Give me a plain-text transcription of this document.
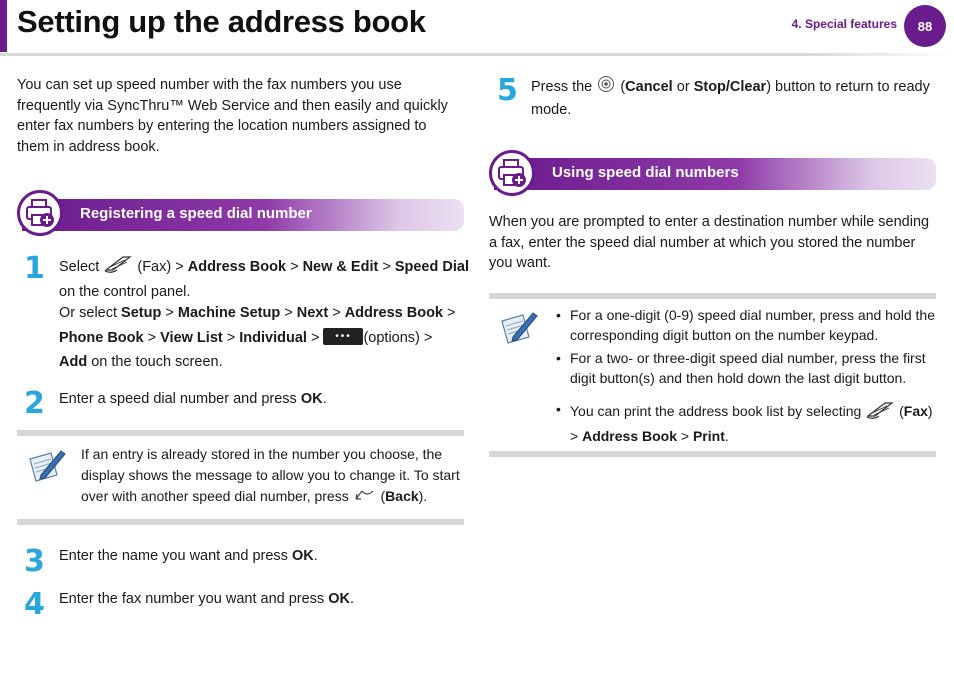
Setting up the address book	4. Special features	88
You can set up speed number with the fax numbers you use frequently via SyncThru™ Web Service and then easily and quickly enter fax numbers by entering the location numbers assigned to them in address book.
Registering a speed dial number
1 Select	(Fax) > Address Book > New & Edit > Speed Dial on the control panel.
Or select Setup > Machine Setup > Next > Address Book >
Phone Book > View List > Individual > ••• (options) >
Add on the touch screen.
2 Enter a speed dial number and press OK.
If an entry is already stored in the number you choose, the display shows the message to allow you to change it. To start over with another speed dial number, press (Back).
3 Enter the name you want and press OK.
4 Enter the fax number you want and press OK.
5 Press the (Cancel or Stop/Clear) button to return to ready mode.
Using speed dial numbers
When you are prompted to enter a destination number while sending a fax, enter the speed dial number at which you stored the number you want.
• For a one-digit (0-9) speed dial number, press and hold the corresponding digit button on the number keypad.
• For a two- or three-digit speed dial number, press the first digit button(s) and then hold down the last digit button.
• You can print the address book list by selecting	(Fax) > Address Book > Print.
